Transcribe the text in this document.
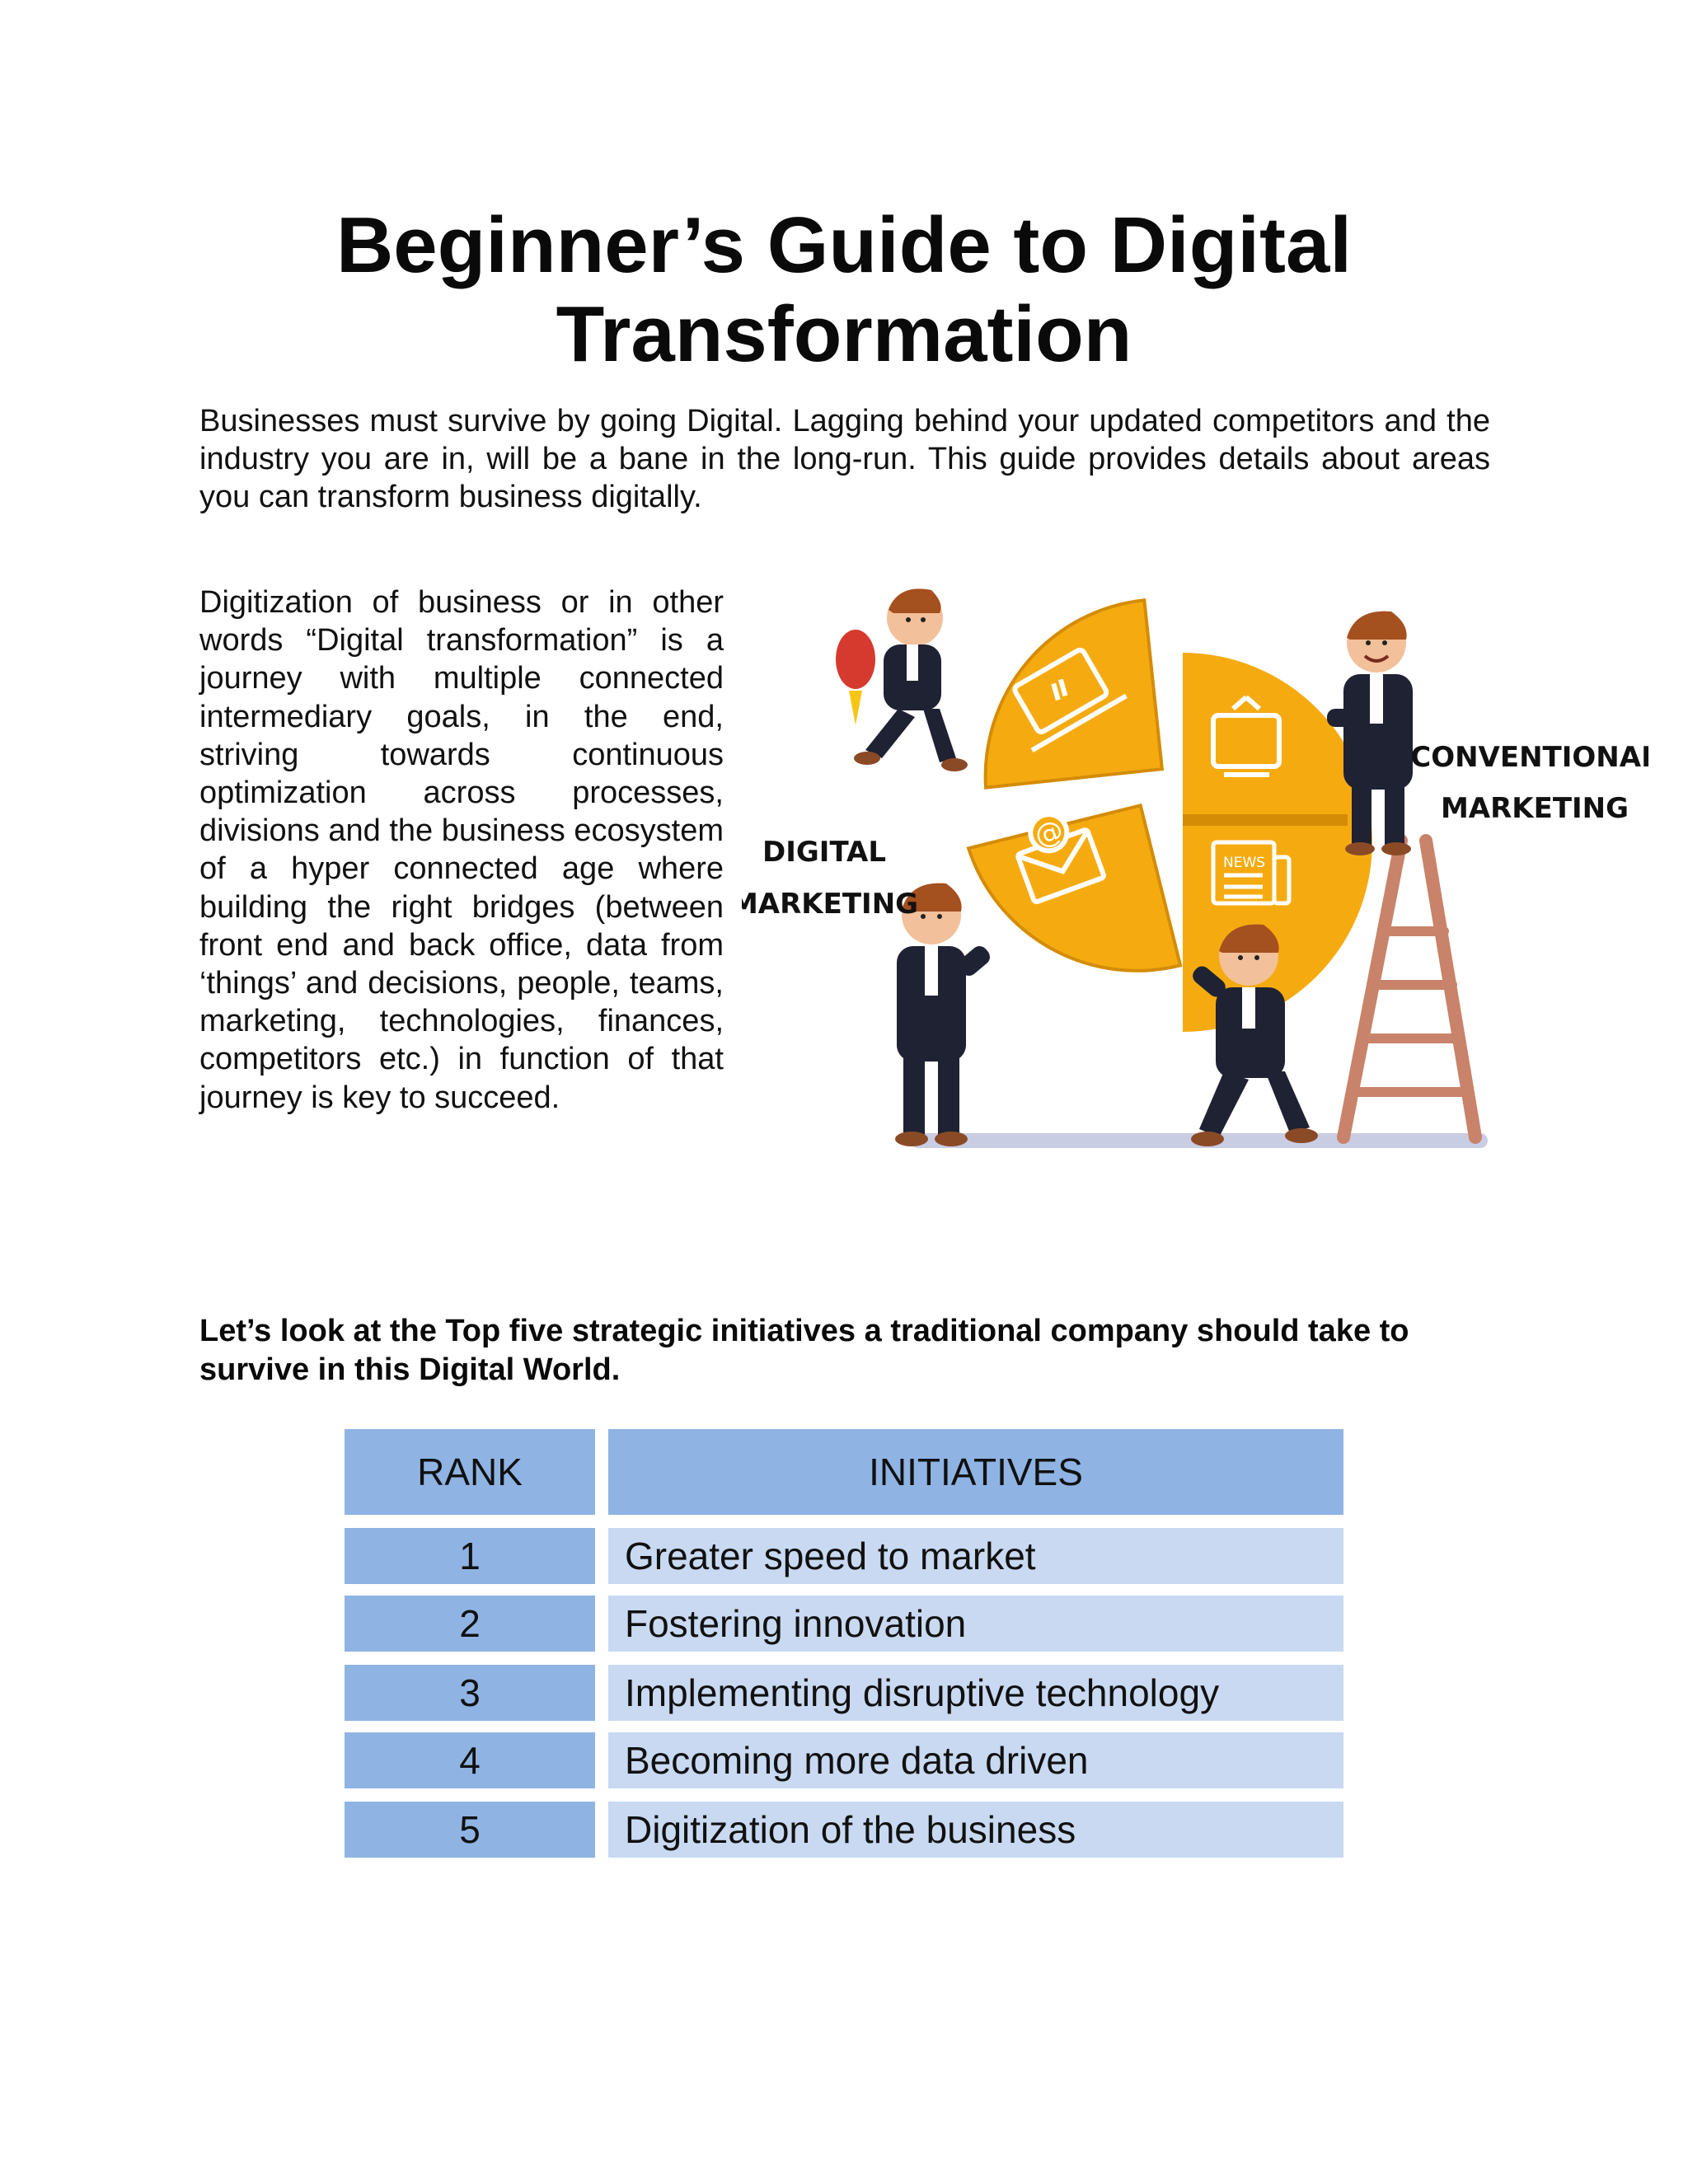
Beginner’s Guide to Digital Transformation

Businesses must survive by going Digital. Lagging behind your updated competitors and the industry you are in, will be a bane in the long-run. This guide provides details about areas you can transform business digitally.

Digitization of business or in other words “Digital transformation” is a journey with multiple connected intermediary goals, in the end, striving towards continuous optimization across processes, divisions and the business ecosystem of a hyper connected age where building the right bridges (between front end and back office, data from ‘things’ and decisions, people, teams, marketing, technologies, finances, competitors etc.) in function of that journey is key to succeed.

@
NEWS
DIGITAL
MARKETING
CONVENTIONAL
MARKETING

Let’s look at the Top five strategic initiatives a traditional company should take to survive in this Digital World.

RANK	INITIATIVES
1	Greater speed to market
2	Fostering innovation
3	Implementing disruptive technology
4	Becoming more data driven
5	Digitization of the business
